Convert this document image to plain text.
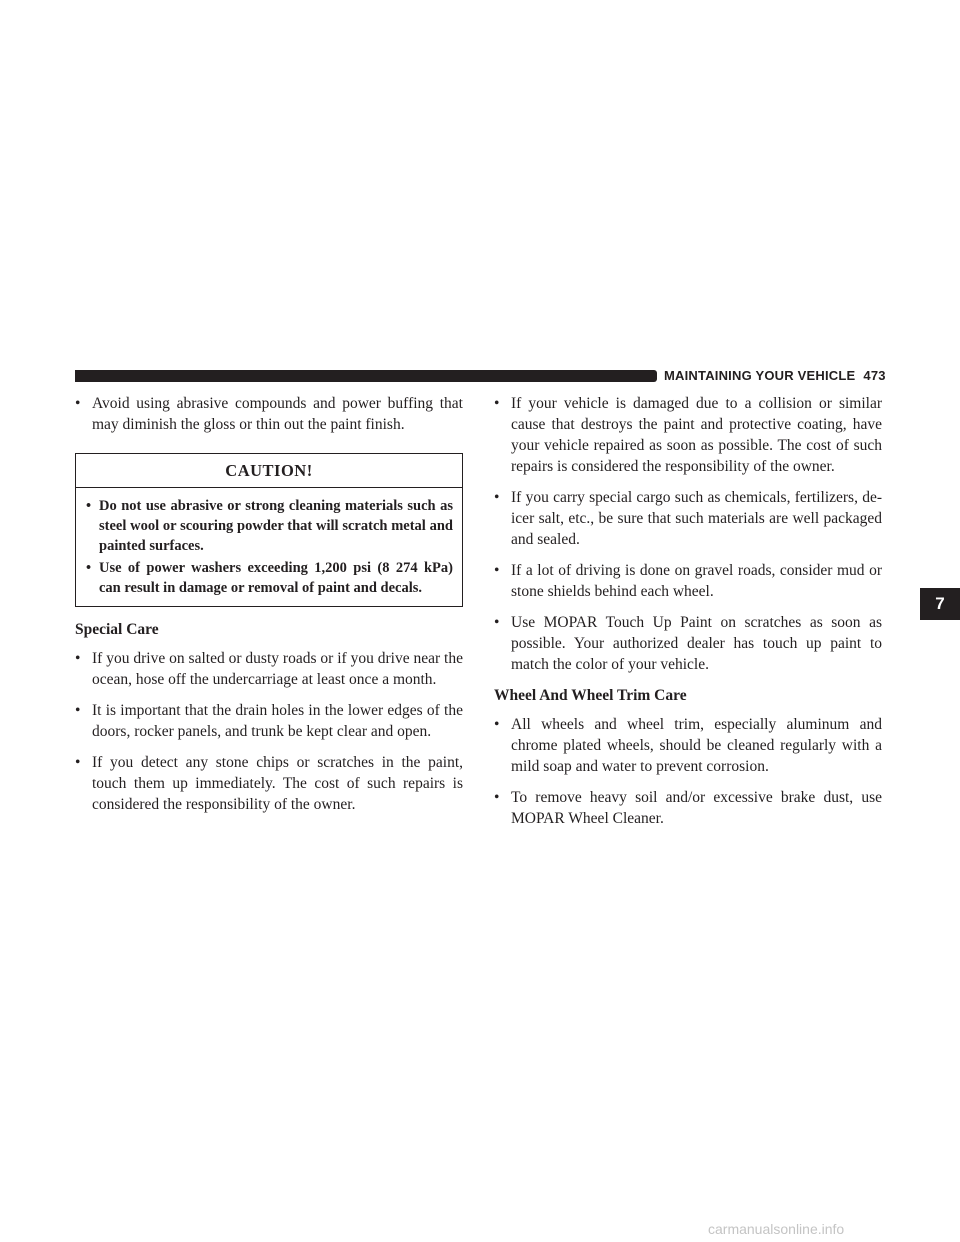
MAINTAINING YOUR VEHICLE 473
7

• Avoid using abrasive compounds and power buffing that may diminish the gloss or thin out the paint finish.

CAUTION!

• Do not use abrasive or strong cleaning materials such as steel wool or scouring powder that will scratch metal and painted surfaces.

• Use of power washers exceeding 1,200 psi (8 274 kPa) can result in damage or removal of paint and decals.

Special Care

• If you drive on salted or dusty roads or if you drive near the ocean, hose off the undercarriage at least once a month.

• It is important that the drain holes in the lower edges of the doors, rocker panels, and trunk be kept clear and open.

• If you detect any stone chips or scratches in the paint, touch them up immediately. The cost of such repairs is considered the responsibility of the owner.

• If your vehicle is damaged due to a collision or similar cause that destroys the paint and protective coating, have your vehicle repaired as soon as possible. The cost of such repairs is considered the responsibility of the owner.

• If you carry special cargo such as chemicals, fertilizers, de-icer salt, etc., be sure that such materials are well packaged and sealed.

• If a lot of driving is done on gravel roads, consider mud or stone shields behind each wheel.

• Use MOPAR Touch Up Paint on scratches as soon as possible. Your authorized dealer has touch up paint to match the color of your vehicle.

Wheel And Wheel Trim Care

• All wheels and wheel trim, especially aluminum and chrome plated wheels, should be cleaned regularly with a mild soap and water to prevent corrosion.

• To remove heavy soil and/or excessive brake dust, use MOPAR Wheel Cleaner.

carmanualsonline.info
